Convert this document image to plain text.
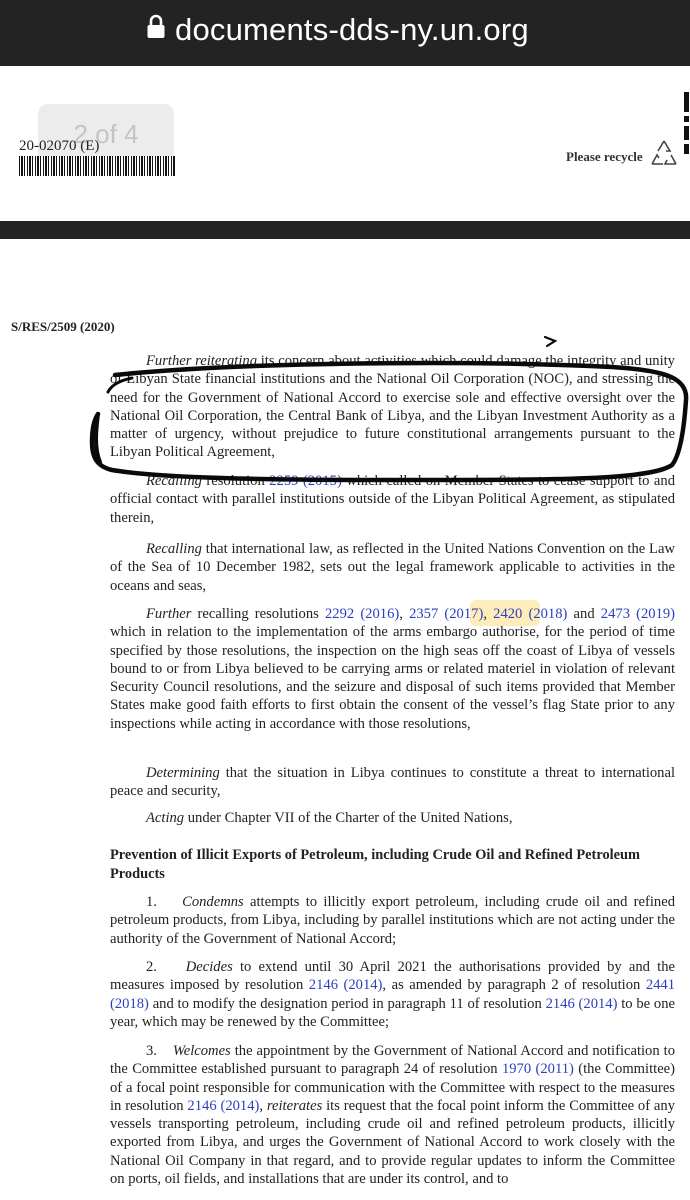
documents-dds-ny.un.org
2 of 4
20-02070 (E)
Please recycle
S/RES/2509 (2020)
Further reiterating its concern about activities which could damage the integrity and unity of Libyan State financial institutions and the National Oil Corporation (NOC), and stressing the need for the Government of National Accord to exercise sole and effective oversight over the National Oil Corporation, the Central Bank of Libya, and the Libyan Investment Authority as a matter of urgency, without prejudice to future constitutional arrangements pursuant to the Libyan Political Agreement,
Recalling resolution 2259 (2015) which called on Member States to cease support to and official contact with parallel institutions outside of the Libyan Political Agreement, as stipulated therein,
Recalling that international law, as reflected in the United Nations Convention on the Law of the Sea of 10 December 1982, sets out the legal framework applicable to activities in the oceans and seas,
Further recalling resolutions 2292 (2016), 2357 (2017), 2420 (2018) and 2473 (2019) which in relation to the implementation of the arms embargo authorise, for the period of time specified by those resolutions, the inspection on the high seas off the coast of Libya of vessels bound to or from Libya believed to be carrying arms or related materiel in violation of relevant Security Council resolutions, and the seizure and disposal of such items provided that Member States make good faith efforts to first obtain the consent of the vessel’s flag State prior to any inspections while acting in accordance with those resolutions,
Determining that the situation in Libya continues to constitute a threat to international peace and security,
Acting under Chapter VII of the Charter of the United Nations,
Prevention of Illicit Exports of Petroleum, including Crude Oil and Refined Petroleum Products
1. Condemns attempts to illicitly export petroleum, including crude oil and refined petroleum products, from Libya, including by parallel institutions which are not acting under the authority of the Government of National Accord;
2. Decides to extend until 30 April 2021 the authorisations provided by and the measures imposed by resolution 2146 (2014), as amended by paragraph 2 of resolution 2441 (2018) and to modify the designation period in paragraph 11 of resolution 2146 (2014) to be one year, which may be renewed by the Committee;
3. Welcomes the appointment by the Government of National Accord and notification to the Committee established pursuant to paragraph 24 of resolution 1970 (2011) (the Committee) of a focal point responsible for communication with the Committee with respect to the measures in resolution 2146 (2014), reiterates its request that the focal point inform the Committee of any vessels transporting petroleum, including crude oil and refined petroleum products, illicitly exported from Libya, and urges the Government of National Accord to work closely with the National Oil Company in that regard, and to provide regular updates to inform the Committee on ports, oil fields, and installations that are under its control, and to
